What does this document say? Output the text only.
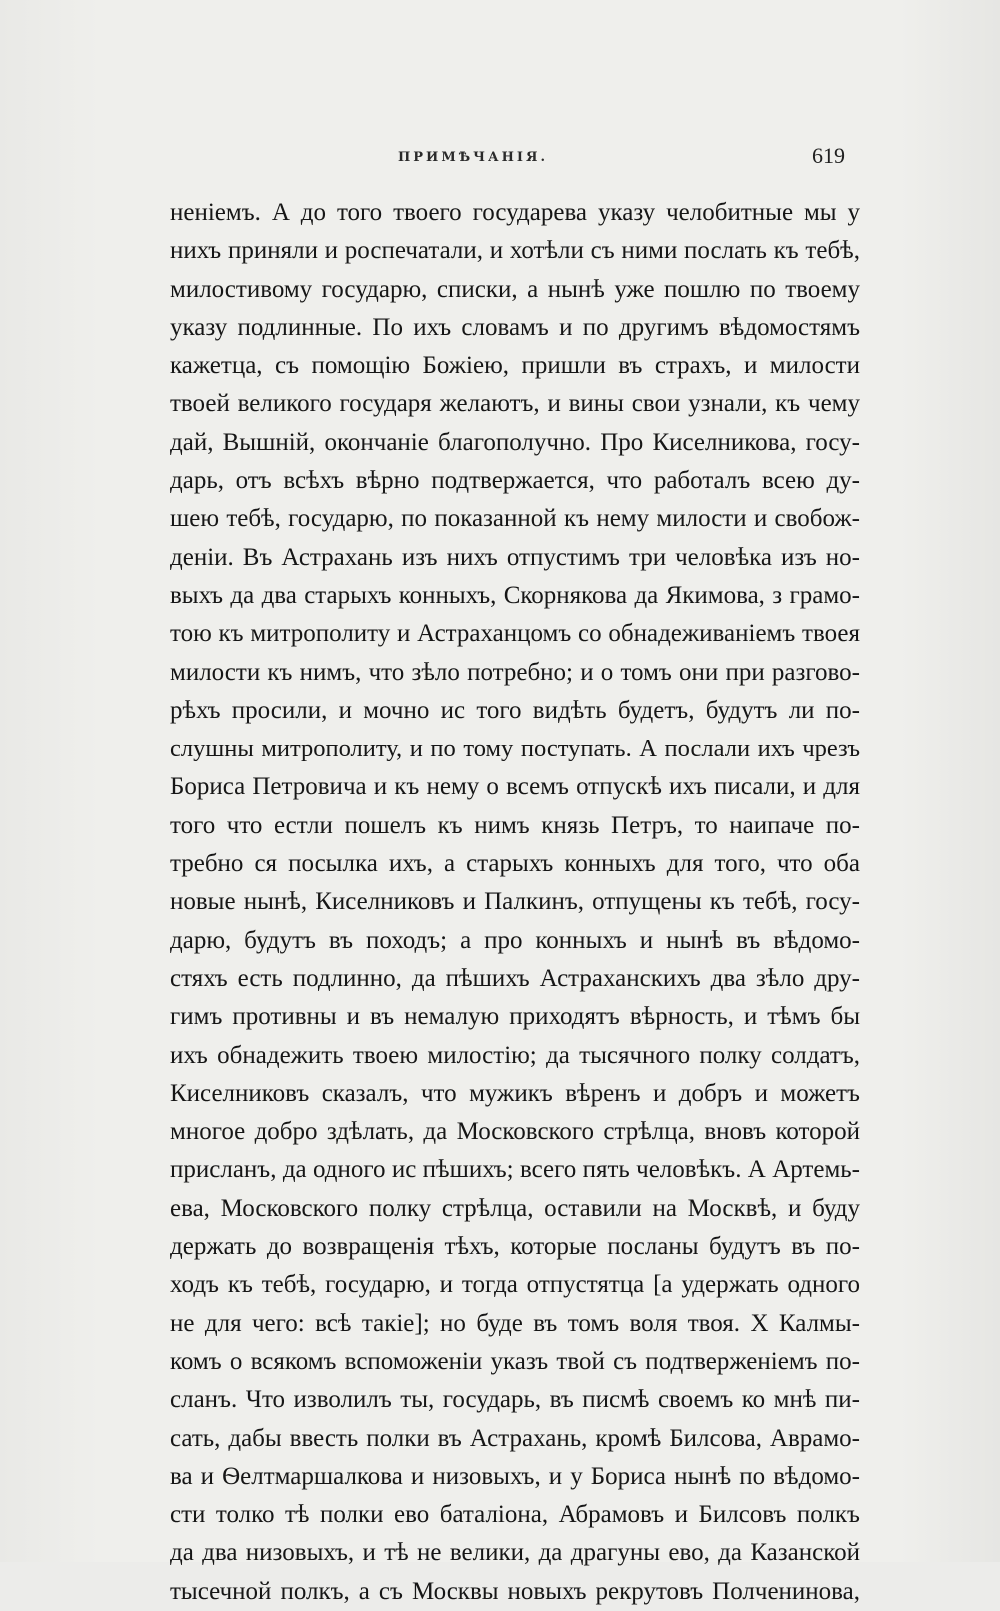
ПРИМѢЧАНІЯ.	619
неніемъ. А до того твоего государева указу челобитные мы у
нихъ приняли и роспечатали, и хотѣли съ ними послать къ тебѣ,
милостивому государю, списки, а нынѣ уже пошлю по твоему
указу подлинные. По ихъ словамъ и по другимъ вѣдомостямъ
кажетца, съ помощію Божіею, пришли въ страхъ, и милости
твоей великого государя желаютъ, и вины свои узнали, къ чему
дай, Вышній, окончаніе благополучно. Про Киселникова, госу-
дарь, отъ всѣхъ вѣрно подтвержается, что работалъ всею ду-
шею тебѣ, государю, по показанной къ нему милости и свобож-
деніи. Въ Астрахань изъ нихъ отпустимъ три человѣка изъ но-
выхъ да два старыхъ конныхъ, Скорнякова да Якимова, з грамо-
тою къ митрополиту и Астраханцомъ со обнадеживаніемъ твоея
милости къ нимъ, что зѣло потребно; и о томъ они при разгово-
рѣхъ просили, и мочно ис того видѣть будетъ, будутъ ли по-
слушны митрополиту, и по тому поступать. А послали ихъ чрезъ
Бориса Петровича и къ нему о всемъ отпускѣ ихъ писали, и для
того что естли пошелъ къ нимъ князь Петръ, то наипаче по-
требно ся посылка ихъ, а старыхъ конныхъ для того, что оба
новые нынѣ, Киселниковъ и Палкинъ, отпущены къ тебѣ, госу-
дарю, будутъ въ походъ; а про конныхъ и нынѣ въ вѣдомо-
стяхъ есть подлинно, да пѣшихъ Астраханскихъ два зѣло дру-
гимъ противны и въ немалую приходятъ вѣрность, и тѣмъ бы
ихъ обнадежить твоею милостію; да тысячного полку солдатъ,
Киселниковъ сказалъ, что мужикъ вѣренъ и добръ и можетъ
многое добро здѣлать, да Московского стрѣлца, вновъ которой
присланъ, да одного ис пѣшихъ; всего пять человѣкъ. А Артемь-
ева, Московского полку стрѣлца, оставили на Москвѣ, и буду
держать до возвращенія тѣхъ, которые посланы будутъ въ по-
ходъ къ тебѣ, государю, и тогда отпустятца [а удержать одного
не для чего: всѣ такіе]; но буде въ томъ воля твоя. Х Калмы-
комъ о всякомъ вспоможеніи указъ твой съ подтверженіемъ по-
сланъ. Что изволилъ ты, государь, въ писмѣ своемъ ко мнѣ пи-
сать, дабы ввесть полки въ Астрахань, кромѣ Билсова, Аврамо-
ва и Ѳелтмаршалкова и низовыхъ, и у Бориса нынѣ по вѣдомо-
сти толко тѣ полки ево баталіона, Абрамовъ и Билсовъ полкъ
да два низовыхъ, и тѣ не велики, да драгуны ево, да Казанской
тысечной полкъ, а съ Москвы новыхъ рекрутовъ Полченинова,
